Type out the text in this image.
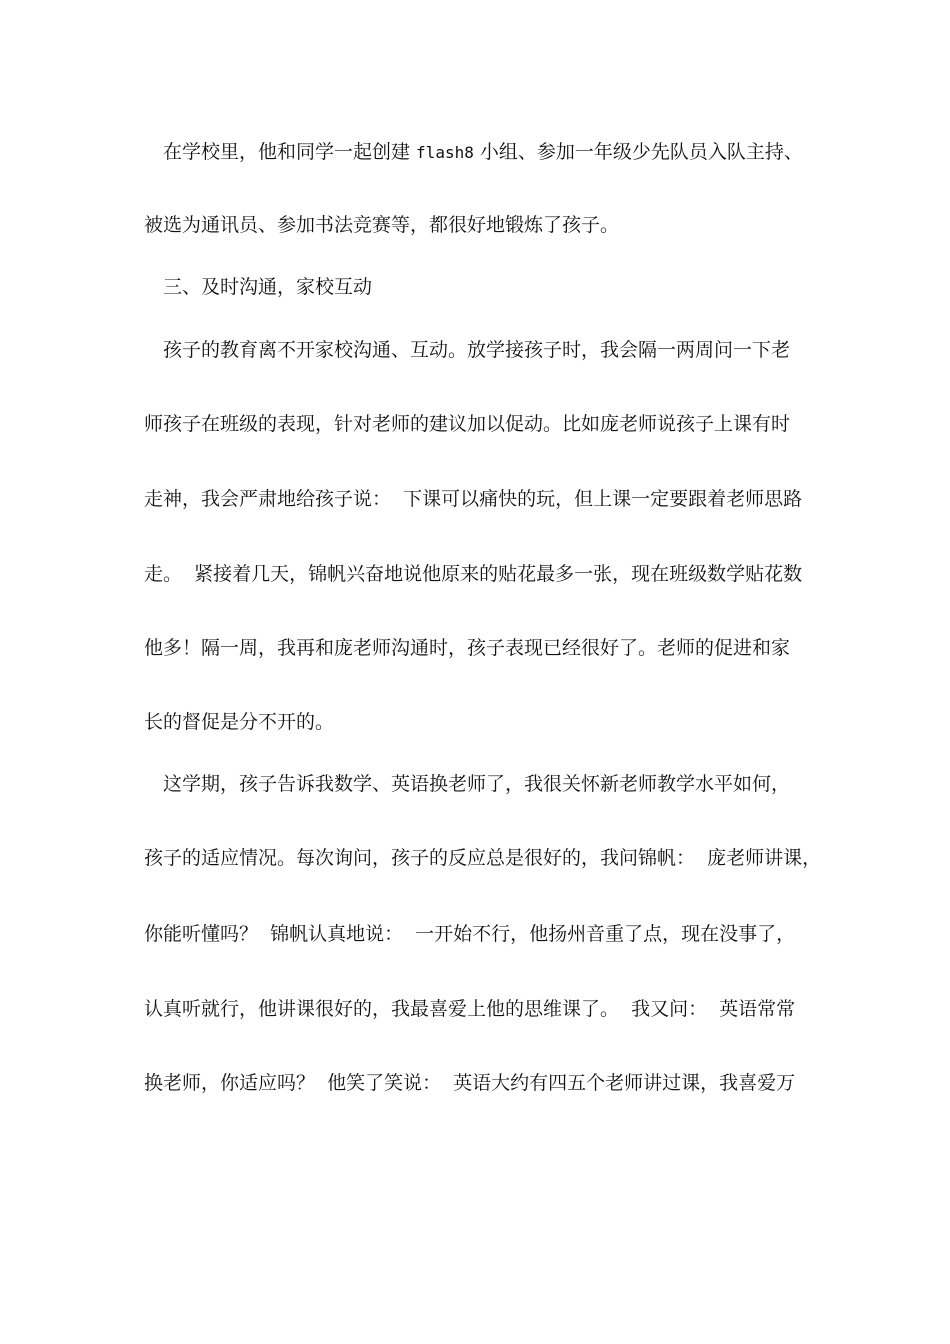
　在学校里，他和同学一起创建 flash8 小组、参加一年级少先队员入队主持、

被选为通讯员、参加书法竞赛等，都很好地锻炼了孩子。

　三、及时沟通，家校互动

　孩子的教育离不开家校沟通、互动。放学接孩子时，我会隔一两周问一下老

师孩子在班级的表现，针对老师的建议加以促动。比如庞老师说孩子上课有时

走神，我会严肃地给孩子说：  下课可以痛快的玩，但上课一定要跟着老师思路

走。  紧接着几天，锦帆兴奋地说他原来的贴花最多一张，现在班级数学贴花数

他多！隔一周，我再和庞老师沟通时，孩子表现已经很好了。老师的促进和家

长的督促是分不开的。

　这学期，孩子告诉我数学、英语换老师了，我很关怀新老师教学水平如何，

孩子的适应情况。每次询问，孩子的反应总是很好的，我问锦帆：  庞老师讲课，

你能听懂吗？  锦帆认真地说：  一开始不行，他扬州音重了点，现在没事了，

认真听就行，他讲课很好的，我最喜爱上他的思维课了。  我又问：  英语常常

换老师，你适应吗？  他笑了笑说：  英语大约有四五个老师讲过课，我喜爱万
